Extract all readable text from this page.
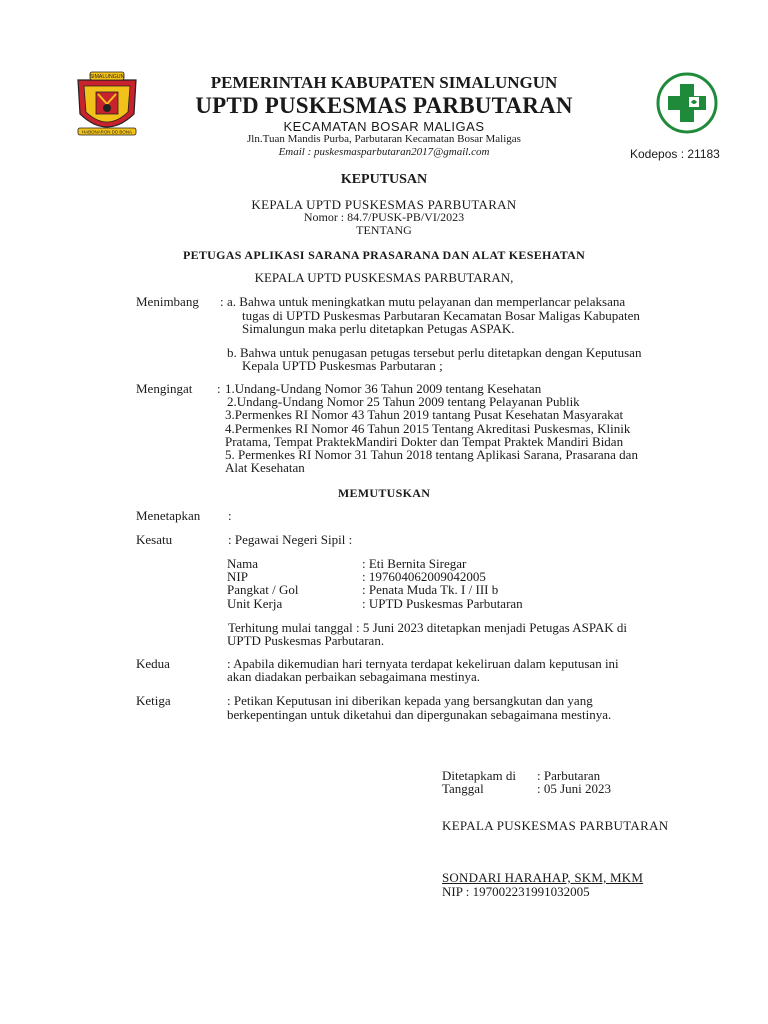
SIMALUNGUN
HABONARON DO BONA
PEMERINTAH KABUPATEN SIMALUNGUN
UPTD PUSKESMAS PARBUTARAN
KECAMATAN BOSAR MALIGAS
Jln.Tuan Mandis Purba, Parbutaran Kecamatan Bosar Maligas
Email : puskesmasparbutaran2017@gmail.com	Kodepos : 21183
KEPUTUSAN
KEPALA UPTD PUSKESMAS PARBUTARAN
Nomor : 84.7/PUSK-PB/VI/2023
TENTANG
PETUGAS APLIKASI SARANA PRASARANA DAN ALAT KESEHATAN
KEPALA UPTD PUSKESMAS PARBUTARAN,
Menimbang : a. Bahwa untuk meningkatkan mutu pelayanan dan memperlancar pelaksana
tugas di UPTD Puskesmas Parbutaran Kecamatan Bosar Maligas Kabupaten
Simalungun maka perlu ditetapkan Petugas ASPAK.
b. Bahwa untuk penugasan petugas tersebut perlu ditetapkan dengan Keputusan
Kepala UPTD Puskesmas Parbutaran ;
Mengingat : 1.Undang-Undang Nomor 36 Tahun 2009 tentang Kesehatan
2.Undang-Undang Nomor 25 Tahun 2009 tentang Pelayanan Publik
3.Permenkes RI Nomor 43 Tahun 2019 tantang Pusat Kesehatan Masyarakat
4.Permenkes RI Nomor 46 Tahun 2015 Tentang Akreditasi Puskesmas, Klinik
Pratama, Tempat PraktekMandiri Dokter dan Tempat Praktek Mandiri Bidan
5. Permenkes RI Nomor 31 Tahun 2018 tentang Aplikasi Sarana, Prasarana dan
Alat Kesehatan
MEMUTUSKAN
Menetapkan :
Kesatu	: Pegawai Negeri Sipil :
Nama	: Eti Bernita Siregar
NIP	: 197604062009042005
Pangkat / Gol	: Penata Muda Tk. I / III b
Unit Kerja	: UPTD Puskesmas Parbutaran
Terhitung mulai tanggal : 5 Juni 2023 ditetapkan menjadi Petugas ASPAK di
UPTD Puskesmas Parbutaran.
Kedua	: Apabila dikemudian hari ternyata terdapat kekeliruan dalam keputusan ini
akan diadakan perbaikan sebagaimana mestinya.
Ketiga	: Petikan Keputusan ini diberikan kepada yang bersangkutan dan yang
berkepentingan untuk diketahui dan dipergunakan sebagaimana mestinya.
Ditetapkam di : Parbutaran
Tanggal	: 05 Juni 2023
KEPALA PUSKESMAS PARBUTARAN
SONDARI HARAHAP, SKM, MKM
NIP : 197002231991032005
